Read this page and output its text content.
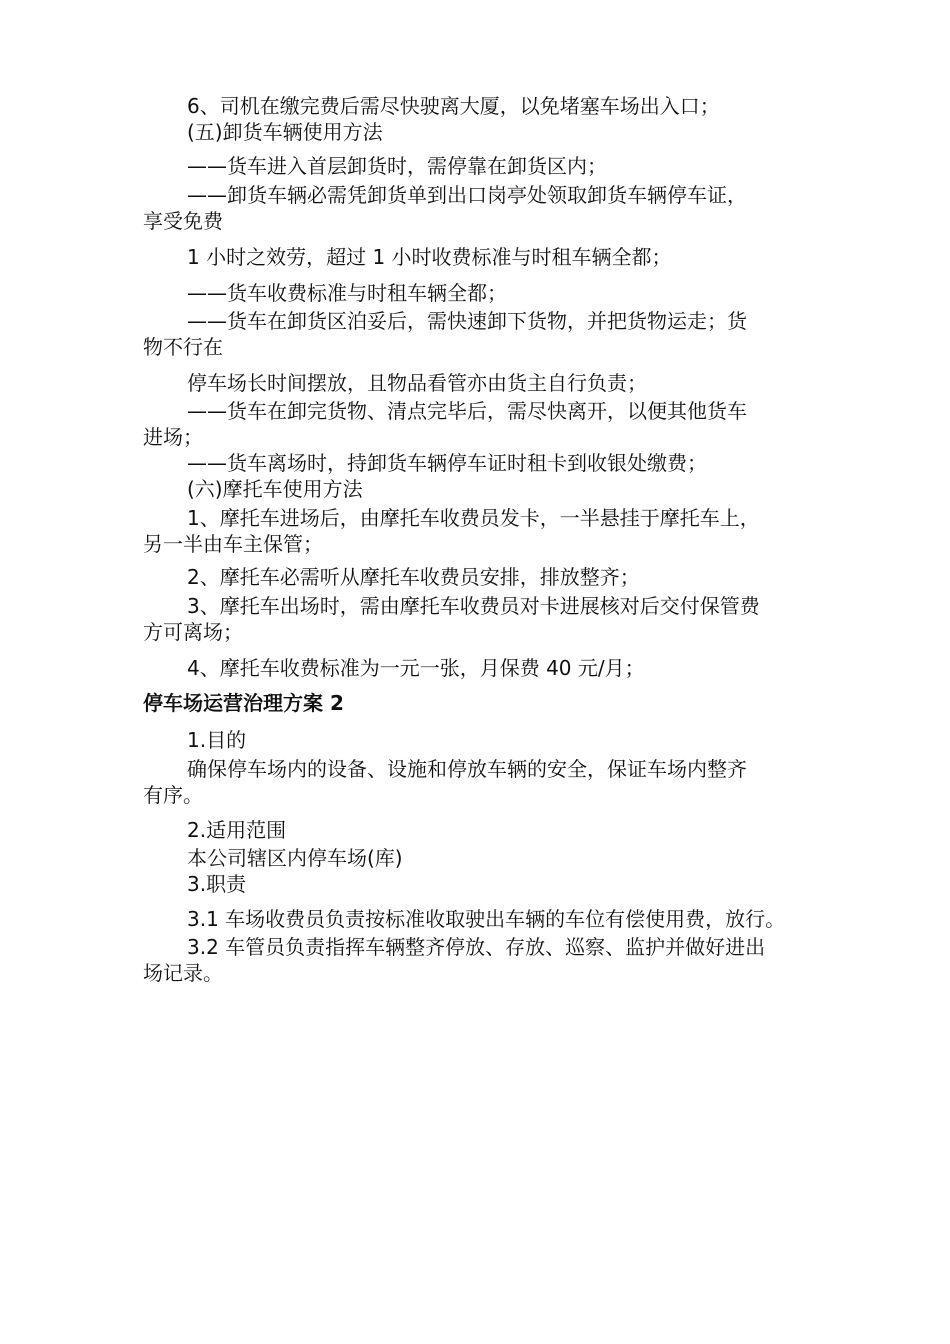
6、司机在缴完费后需尽快驶离大厦，以免堵塞车场出入口；
(五)卸货车辆使用方法
——货车进入首层卸货时，需停靠在卸货区内；
——卸货车辆必需凭卸货单到出口岗亭处领取卸货车辆停车证，
享受免费
1 小时之效劳，超过 1 小时收费标准与时租车辆全都；
——货车收费标准与时租车辆全都；
——货车在卸货区泊妥后，需快速卸下货物，并把货物运走；货
物不行在
停车场长时间摆放，且物品看管亦由货主自行负责；
——货车在卸完货物、清点完毕后，需尽快离开，以便其他货车
进场；
——货车离场时，持卸货车辆停车证时租卡到收银处缴费；
(六)摩托车使用方法
1、摩托车进场后，由摩托车收费员发卡，一半悬挂于摩托车上，
另一半由车主保管；
2、摩托车必需听从摩托车收费员安排，排放整齐；
3、摩托车出场时，需由摩托车收费员对卡进展核对后交付保管费
方可离场；
4、摩托车收费标准为一元一张，月保费 40 元/月；
停车场运营治理方案 2
1.目的
确保停车场内的设备、设施和停放车辆的安全，保证车场内整齐
有序。
2.适用范围
本公司辖区内停车场(库)
3.职责
3.1 车场收费员负责按标准收取驶出车辆的车位有偿使用费，放行。
3.2 车管员负责指挥车辆整齐停放、存放、巡察、监护并做好进出
场记录。
